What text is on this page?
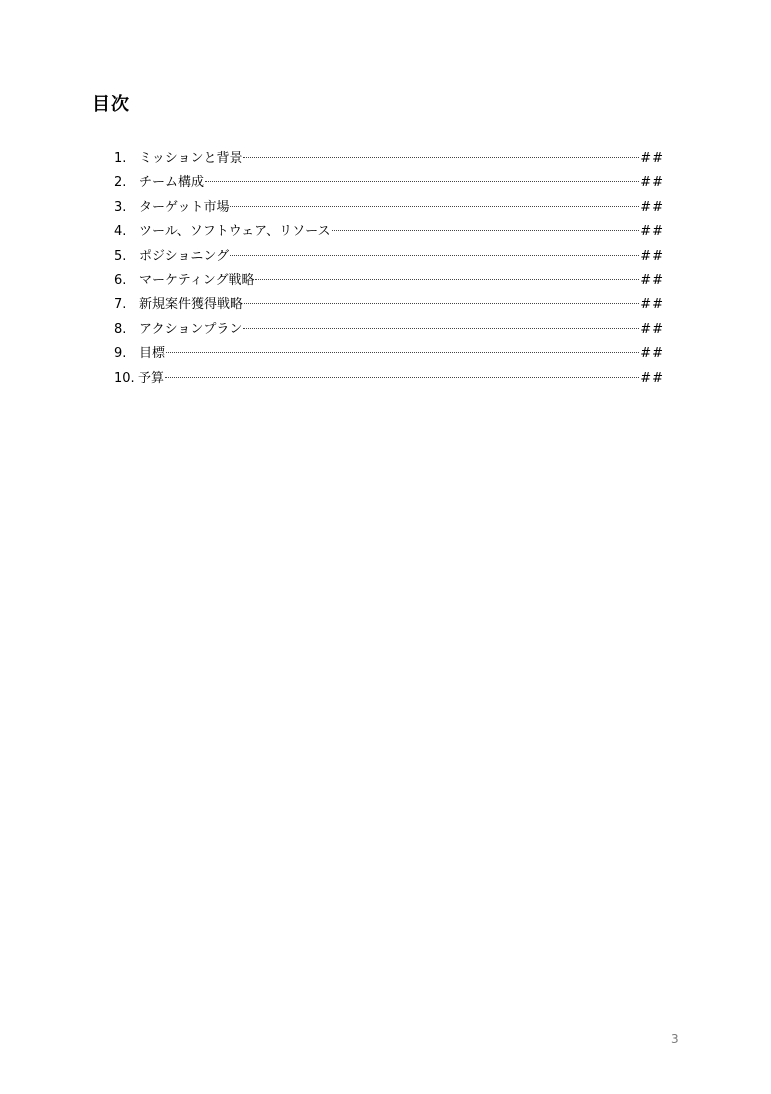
目次
1. ミッションと背景	##
2. チーム構成	##
3. ターゲット市場	##
4. ツール、ソフトウェア、リソース	##
5. ポジショニング	##
6. マーケティング戦略	##
7. 新規案件獲得戦略	##
8. アクションプラン	##
9. 目標	##
10. 予算	##
3
